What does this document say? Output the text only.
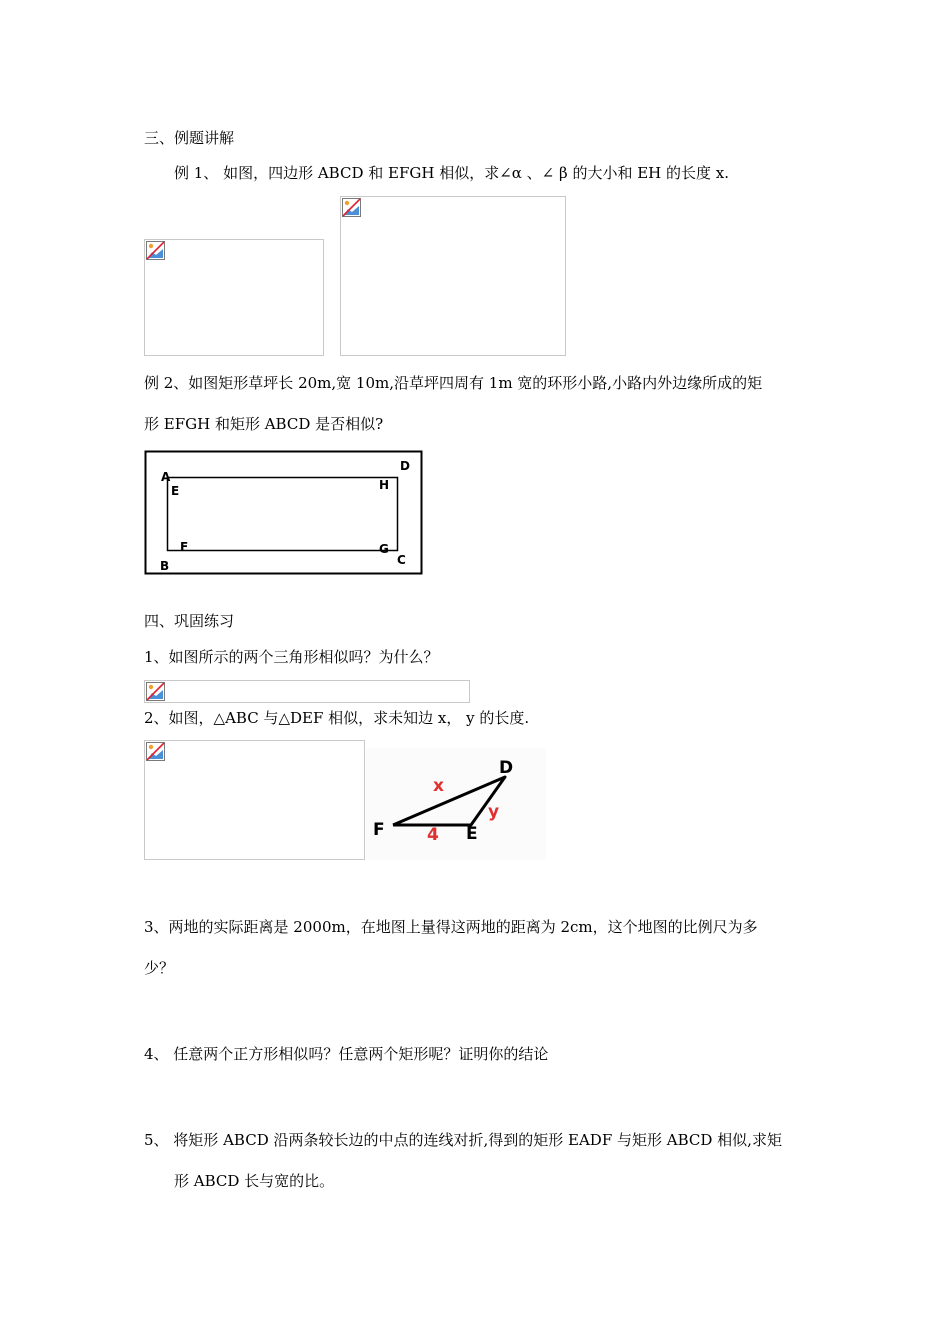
三、例题讲解
例 1、 如图，四边形 ABCD 和 EFGH 相似，求∠α 、∠ β 的大小和 EH 的长度 x.
例 2、如图矩形草坪长 20m,宽 10m,沿草坪四周有 1m 宽的环形小路,小路内外边缘所成的矩
形 EFGH 和矩形 ABCD 是否相似?
A
E
D
H
F	G
C
B
四、巩固练习
1、如图所示的两个三角形相似吗？为什么？
2、如图，△ABC 与△DEF 相似，求未知边 x， y 的长度.
D
F	E
x
y
4
3、两地的实际距离是 2000m，在地图上量得这两地的距离为 2cm，这个地图的比例尺为多
少？
4、 任意两个正方形相似吗？任意两个矩形呢？证明你的结论
5、 将矩形 ABCD 沿两条较长边的中点的连线对折,得到的矩形 EADF 与矩形 ABCD 相似,求矩
形 ABCD 长与宽的比。
